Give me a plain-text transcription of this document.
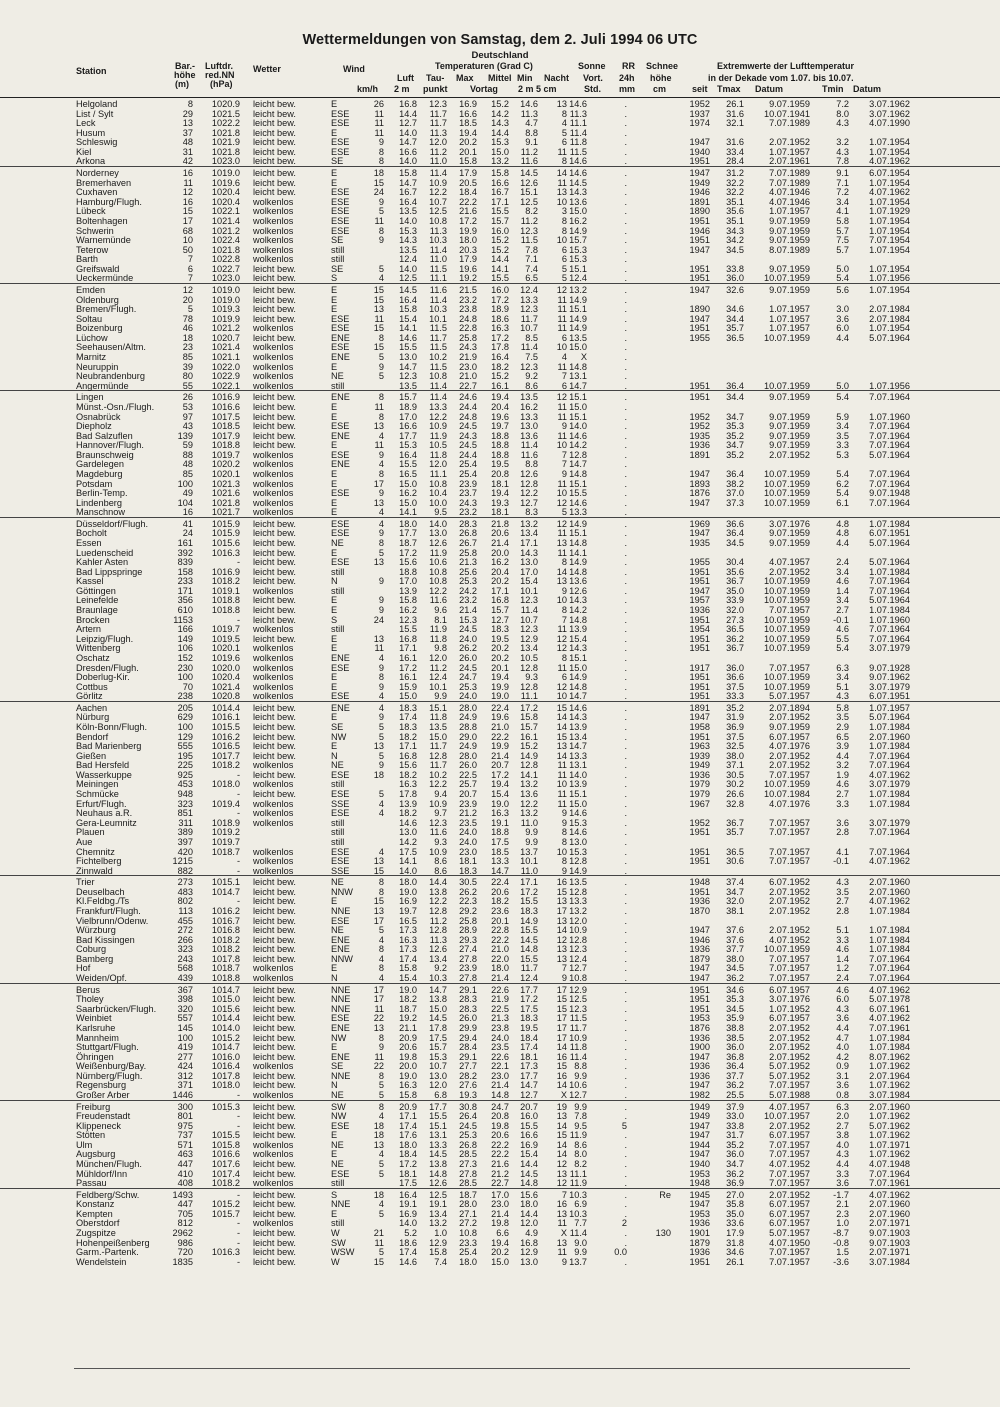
Wettermeldungen von Samstag, dem 2. Juli 1994 06 UTC
Deutschland
Station	Bar.-
höhe
(m)
Luftdr.
red.NN
(hPa)
Wetter	Wind
km/h
Temperaturen (Grad C)
Luft
2 m
Tau-
punkt
Max Mittel
Vortag
Min
2 m 5 cm
Nacht
Sonne
Vort.
Std.
RR
24h
mm
Schnee
höhe
cm
Extremwerte der Lufttemperatur
in der Dekade vom 1.07. bis 10.07.
seit Tmax Datum	Tmin Datum
Helgoland	8	1020.9 leicht bew.	E	26	16.8	12.3	16.9	15.2	14.6	13 14.6	.	1952	26.1	9.07.1959	7.2	3.07.1962
List / Sylt	29	1021.5 leicht bew.	ESE	11	14.4	11.7	16.6	14.2	11.3	8 11.3	.	1937	31.6	10.07.1941	8.0	3.07.1962
Leck	13	1022.2 leicht bew.	ESE	11	12.7	11.7	18.5	14.3	4.7	4 11.1	.	1974	32.1	7.07.1989	4.3	4.07.1990
Husum	37	1021.8 leicht bew.	E	11	14.0	11.3	19.4	14.4	8.8	5 11.4	.
Schleswig	48	1021.9 leicht bew.	ESE	9	14.7	12.0	20.2	15.3	9.1	6 11.8	.	1947	31.6	2.07.1952	3.2	1.07.1954
Kiel	31	1021.8 leicht bew.	ESE	8	16.6	11.2	20.1	15.0	11.2	11 11.5	.	1940	33.4	1.07.1957	4.3	1.07.1954
Arkona	42	1023.0 leicht bew.	SE	8	14.0	11.0	15.8	13.2	11.6	8 14.6	.	1951	28.4	2.07.1961	7.8	4.07.1962
Norderney	16	1019.0 leicht bew.	E	18	15.8	11.4	17.9	15.8	14.5	14 14.6	.	1947	31.2	7.07.1989	9.1	6.07.1954
Bremerhaven	11	1019.6 leicht bew.	E	15	14.7	10.9	20.5	16.6	12.6	11 14.5	.	1949	32.2	7.07.1989	7.1	1.07.1954
Cuxhaven	12	1020.4 leicht bew.	ESE	24	16.7	12.2	18.4	16.7	15.1	13 14.3	.	1946	32.2	4.07.1946	7.2	4.07.1962
Hamburg/Flugh.	16	1020.4 wolkenlos	ESE	9	16.4	10.7	22.2	17.1	12.5	10 13.6	.	1891	35.1	4.07.1946	3.4	1.07.1954
Lübeck	15	1022.1 wolkenlos	ESE	5	13.5	12.5	21.6	15.5	8.2	3 15.0	.	1890	35.6	1.07.1957	4.1	1.07.1929
Boltenhagen	17	1021.4 wolkenlos	ESE	11	14.0	10.8	17.2	15.7	11.2	8 16.2	.	1951	35.1	9.07.1959	5.8	1.07.1954
Schwerin	68	1021.2 wolkenlos	ESE	8	15.3	11.3	19.9	16.0	12.3	8 14.9	.	1946	34.3	9.07.1959	5.7	1.07.1954
Warnemünde	10	1022.4 wolkenlos	SE	9	14.3	10.3	18.0	15.2	11.5	10 15.7	.	1951	34.2	9.07.1959	7.5	7.07.1954
Teterow	50	1021.8 wolkenlos	still	13.5	11.4	20.3	15.2	7.8	6 15.3	.	1947	34.5	8.07.1989	5.7	1.07.1954
Barth	7	1022.8 wolkenlos	still	12.4	11.0	17.9	14.4	7.1	6 15.3	.
Greifswald	6	1022.7 leicht bew.	SE	5	14.0	11.5	19.6	14.1	7.4	5 15.1	.	1951	33.8	9.07.1959	5.0	1.07.1954
Ueckermünde	7	1023.0 leicht bew.	S	4	12.5	11.1	19.2	15.5	6.5	5 12.4	.	1951	36.0	10.07.1959	5.4	1.07.1956
Emden	12	1019.0 leicht bew.	E	15	14.5	11.6	21.5	16.0	12.4	12 13.2	.	1947	32.6	9.07.1959	5.6	1.07.1954
Oldenburg	20	1019.0 leicht bew.	E	15	16.4	11.4	23.2	17.2	13.3	11 14.9	.
Bremen/Flugh.	5	1019.3 leicht bew.	E	13	15.8	10.3	23.8	18.9	12.3	11 15.1	.	1890	34.6	1.07.1957	3.0	2.07.1984
Soltau	78	1019.9 leicht bew.	ESE	11	15.4	10.1	24.8	18.6	11.7	11 14.9	.	1947	34.4	1.07.1957	3.6	2.07.1984
Boizenburg	46	1021.2 wolkenlos	ESE	15	14.1	11.5	22.8	16.3	10.7	11 14.9	.	1951	35.7	1.07.1957	6.0	1.07.1954
Lüchow	18	1020.7 leicht bew.	ENE	8	14.6	11.7	25.8	17.2	8.5	6 13.5	.	1955	36.5	10.07.1959	4.4	5.07.1964
Seehausen/Altm.	23	1021.4 wolkenlos	ESE	15	15.5	11.5	24.3	17.8	11.4	10 15.0	.
Marnitz	85	1021.1 wolkenlos	ENE	5	13.0	10.2	21.9	16.4	7.5	4	X	.
Neuruppin	39	1022.0 wolkenlos	E	9	14.7	11.5	23.0	18.2	12.3	11 14.8	.
Neubrandenburg	80	1022.9 wolkenlos	NE	5	12.3	10.8	21.0	15.2	9.2	7 13.1	.
Angermünde	55	1022.1 wolkenlos	still	13.5	11.4	22.7	16.1	8.6	6 14.7	.	1951	36.4	10.07.1959	5.0	1.07.1956
Lingen	26	1016.9 leicht bew.	ENE	8	15.7	11.4	24.6	19.4	13.5	12 15.1	.	1951	34.4	9.07.1959	5.4	7.07.1964
Münst.-Osn./Flugh.	53	1016.6 leicht bew.	E	11	18.9	13.3	24.4	20.4	16.2	11 15.0	.
Osnabrück	97	1017.5 leicht bew.	E	8	17.0	12.2	24.8	19.6	13.3	11 15.1	.	1952	34.7	9.07.1959	5.9	1.07.1960
Diepholz	43	1018.5 leicht bew.	ESE	13	16.6	10.9	24.5	19.7	13.0	9 14.0	.	1952	35.3	9.07.1959	3.4	7.07.1964
Bad Salzuflen	139	1017.9 leicht bew.	ENE	4	17.7	11.9	24.3	18.8	13.6	11 14.6	.	1935	35.2	9.07.1959	3.5	7.07.1964
Hannover/Flugh.	59	1018.8 leicht bew.	E	11	15.3	10.5	24.5	18.8	11.4	10 14.2	.	1936	34.7	9.07.1959	3.3	7.07.1964
Braunschweig	88	1019.7 wolkenlos	ESE	9	16.4	11.8	24.4	18.8	11.6	7 12.8	.	1891	35.2	2.07.1952	5.3	5.07.1964
Gardelegen	48	1020.2 wolkenlos	ENE	4	15.5	12.0	25.4	19.5	8.8	7 14.7	.
Magdeburg	85	1020.1 wolkenlos	E	8	16.5	11.1	25.4	20.8	12.6	9 14.8	.	1947	36.4	10.07.1959	5.4	7.07.1964
Potsdam	100	1021.3 wolkenlos	E	17	15.0	10.8	23.9	18.1	12.8	11 15.1	.	1893	38.2	10.07.1959	6.2	7.07.1964
Berlin-Temp.	49	1021.6 wolkenlos	ESE	9	16.2	10.4	23.7	19.4	12.2	10 15.5	.	1876	37.0	10.07.1959	5.4	9.07.1948
Lindenberg	104	1021.8 wolkenlos	E	13	15.0	10.0	24.3	19.3	12.7	12 14.6	.	1947	37.3	10.07.1959	6.1	7.07.1964
Manschnow	16	1021.7 wolkenlos	E	4	14.1	9.5	23.2	18.1	8.3	5 13.3	.
Düsseldorf/Flugh.	41	1015.9 leicht bew.	ESE	4	18.0	14.0	28.3	21.8	13.2	12 14.9	.	1969	36.6	3.07.1976	4.8	1.07.1984
Bocholt	24	1015.9 leicht bew.	ESE	9	17.7	13.0	26.8	20.6	13.4	11 15.1	.	1947	36.4	9.07.1959	4.8	6.07.1951
Essen	161	1015.6 leicht bew.	NE	8	18.7	12.6	26.7	21.4	17.1	13 14.8	.	1935	34.5	9.07.1959	4.4	5.07.1964
Luedenscheid	392	1016.3 leicht bew.	E	5	17.2	11.9	25.8	20.0	14.3	11 14.1	.
Kahler Asten	839	- leicht bew.	ESE	13	15.6	10.6	21.3	16.2	13.0	8 14.9	.	1955	30.4	4.07.1957	2.4	5.07.1964
Bad Lippspringe	158	1016.9 leicht bew.	still	18.8	10.8	25.6	20.4	17.0	14 14.8	.	1951	35.6	2.07.1952	3.4	1.07.1984
Kassel	233	1018.2 leicht bew.	N	9	17.0	10.8	25.3	20.2	15.4	13 13.6	.	1951	36.7	10.07.1959	4.6	7.07.1964
Göttingen	171	1019.1 wolkenlos	still	13.9	12.2	24.2	17.1	10.1	9 12.6	.	1947	35.0	10.07.1959	1.4	7.07.1964
Leinefelde	356	1018.8 leicht bew.	E	9	15.8	11.6	23.2	16.8	12.3	10 14.3	.	1957	33.9	10.07.1959	3.4	5.07.1964
Braunlage	610	1018.8 leicht bew.	E	9	16.2	9.6	21.4	15.7	11.4	8 14.2	.	1936	32.0	7.07.1957	2.7	1.07.1984
Brocken	1153	- leicht bew.	S	24	12.3	8.1	15.3	12.7	10.7	7 14.8	.	1951	27.3	10.07.1959	-0.1	1.07.1960
Artern	166	1019.7 wolkenlos	still	15.5	11.9	24.5	18.3	12.3	11 13.9	.	1954	36.5	10.07.1959	4.6	7.07.1964
Leipzig/Flugh.	149	1019.5 leicht bew.	E	13	16.8	11.8	24.0	19.5	12.9	12 15.4	.	1951	36.2	10.07.1959	5.5	7.07.1964
Wittenberg	106	1020.1 wolkenlos	E	11	17.1	9.8	26.2	20.2	13.4	12 14.3	.	1951	36.7	10.07.1959	5.4	3.07.1979
Oschatz	152	1019.6 wolkenlos	ENE	4	16.1	12.0	26.0	20.2	10.5	8 15.1	.
Dresden/Flugh.	230	1020.0 wolkenlos	ESE	9	17.2	11.2	24.5	20.1	12.8	11 15.0	.	1917	36.0	7.07.1957	6.3	9.07.1928
Doberlug-Kir.	100	1020.4 wolkenlos	E	8	16.1	12.4	24.7	19.4	9.3	6 14.9	.	1951	36.6	10.07.1959	3.4	9.07.1962
Cottbus	70	1021.4 wolkenlos	E	9	15.9	10.1	25.3	19.9	12.8	12 14.8	.	1951	37.5	10.07.1959	5.1	3.07.1979
Görlitz	238	1020.8 wolkenlos	ESE	4	15.0	9.9	24.0	19.0	11.1	10 14.7	.	1951	33.3	5.07.1957	4.3	6.07.1951
Aachen	205	1014.4 leicht bew.	ENE	4	18.3	15.1	28.0	22.4	17.2	15 14.6	.	1891	35.2	2.07.1894	5.8	1.07.1957
Nürburg	629	1016.1 leicht bew.	E	9	17.4	11.8	24.9	19.6	15.8	14 14.3	.	1947	31.9	2.07.1952	3.5	5.07.1964
Köln-Bonn/Flugh.	100	1015.5 leicht bew.	SE	5	18.3	13.5	28.8	21.0	15.7	14 13.9	.	1958	36.9	9.07.1959	2.9	1.07.1984
Bendorf	129	1016.2 leicht bew.	NW	5	18.2	15.0	29.0	22.2	16.1	15 13.4	.	1951	37.5	6.07.1957	6.5	2.07.1960
Bad Marienberg	555	1016.5 leicht bew.	E	13	17.1	11.7	24.9	19.9	15.2	13 14.7	.	1963	32.5	4.07.1976	3.9	1.07.1984
Gießen	195	1017.7 leicht bew.	N	5	16.8	12.8	28.0	21.4	14.9	14 13.3	.	1939	38.0	2.07.1952	4.4	7.07.1964
Bad Hersfeld	225	1018.2 wolkenlos	NE	9	15.6	11.7	26.0	20.7	12.8	11 13.1	.	1949	37.1	2.07.1952	3.2	7.07.1964
Wasserkuppe	925	- leicht bew.	ESE	18	18.2	10.2	22.5	17.2	14.1	11 14.0	.	1936	30.5	7.07.1957	1.9	4.07.1962
Meiningen	453	1018.0 wolkenlos	still	16.3	12.2	25.7	19.4	13.2	10 13.9	.	1979	30.2	10.07.1959	4.6	3.07.1979
Schmücke	948	- leicht bew.	ESE	5	17.8	9.4	20.7	15.4	13.6	11 15.1	.	1979	26.6	10.07.1984	2.7	1.07.1984
Erfurt/Flugh.	323	1019.4 wolkenlos	SSE	4	13.9	10.9	23.9	19.0	12.2	11 15.0	.	1967	32.8	4.07.1976	3.3	1.07.1984
Neuhaus a.R.	851	- wolkenlos	ESE	4	18.2	9.7	21.2	16.3	13.2	9 14.6	.
Gera-Leumnitz	311	1018.9 wolkenlos	still	14.6	12.3	23.5	19.1	11.0	9 15.3	.	1952	36.7	7.07.1957	3.6	3.07.1979
Plauen	389	1019.2	still	13.0	11.6	24.0	18.8	9.9	8 14.6	.	1951	35.7	7.07.1957	2.8	7.07.1964
Aue	397	1019.7	still	14.2	9.3	24.0	17.5	9.9	8 13.0	.
Chemnitz	420	1018.7 wolkenlos	ESE	4	17.5	10.9	23.0	18.5	13.7	10 15.3	.	1951	36.5	7.07.1957	4.1	7.07.1964
Fichtelberg	1215	- wolkenlos	ESE	13	14.1	8.6	18.1	13.3	10.1	8 12.8	.	1951	30.6	7.07.1957	-0.1	4.07.1962
Zinnwald	882	- wolkenlos	SSE	15	14.0	8.6	18.3	14.7	11.0	9 14.9	.
Trier	273	1015.1 leicht bew.	NE	8	18.0	14.4	30.5	22.4	17.1	16 13.5	.	1948	37.4	6.07.1952	4.3	2.07.1960
Deuselbach	483	1014.7 leicht bew.	NNW	8	19.0	13.8	26.2	20.6	17.2	15 12.8	.	1951	34.7	2.07.1952	3.5	2.07.1960
Kl.Feldbg./Ts	802	- leicht bew.	E	15	16.9	12.2	22.3	18.2	15.5	13 13.3	.	1936	32.0	2.07.1952	2.7	4.07.1962
Frankfurt/Flugh.	113	1016.2 leicht bew.	NNE	13	19.7	12.8	29.2	23.6	18.3	17 13.2	.	1870	38.1	2.07.1952	2.8	1.07.1984
Vielbrunn/Odenw.	455	1016.7 leicht bew.	ESE	17	16.5	11.2	25.8	20.1	14.9	13 12.0	.
Würzburg	272	1016.8 leicht bew.	NE	5	17.3	12.8	28.9	22.8	15.5	14 10.9	.	1947	37.6	2.07.1952	5.1	1.07.1984
Bad Kissingen	266	1018.2 leicht bew.	ENE	4	16.3	11.3	29.3	22.2	14.5	12 12.8	.	1946	37.6	4.07.1952	3.3	1.07.1984
Coburg	323	1018.2 leicht bew.	ENE	8	17.3	12.6	27.4	21.0	14.8	13 12.3	.	1936	37.7	10.07.1959	4.6	1.07.1984
Bamberg	243	1017.8 leicht bew.	NNW	4	17.4	13.4	27.8	22.0	15.5	13 12.4	.	1879	38.0	7.07.1957	1.4	7.07.1964
Hof	568	1018.7 wolkenlos	E	8	15.8	9.2	23.9	18.0	11.7	7 12.7	.	1947	34.5	7.07.1957	1.2	7.07.1964
Weiden/Opf.	439	1018.8 wolkenlos	N	4	15.4	10.3	27.8	21.4	12.4	9 10.8	.	1947	36.2	7.07.1957	2.4	7.07.1964
Berus	367	1014.7 leicht bew.	NNE	17	19.0	14.7	29.1	22.6	17.7	17 12.9	.	1951	34.6	6.07.1957	4.6	4.07.1962
Tholey	398	1015.0 leicht bew.	NNE	17	18.2	13.8	28.3	21.9	17.2	15 12.5	.	1951	35.3	3.07.1976	6.0	5.07.1978
Saarbrücken/Flugh.	320	1015.6 leicht bew.	NNE	11	18.7	15.0	28.3	22.5	17.5	15 12.3	.	1951	34.5	1.07.1952	4.3	6.07.1961
Weinbiet	557	1014.4 leicht bew.	ESE	22	19.2	14.5	26.0	21.3	18.3	17 11.5	.	1953	35.9	6.07.1957	3.6	4.07.1962
Karlsruhe	145	1014.0 leicht bew.	ENE	13	21.1	17.8	29.9	23.8	19.5	17 11.7	.	1876	38.8	2.07.1952	4.4	7.07.1961
Mannheim	100	1015.2 leicht bew.	NW	8	20.9	17.5	29.4	24.0	18.4	17 10.9	.	1936	38.5	2.07.1952	4.7	1.07.1984
Stuttgart/Flugh.	419	1014.7 leicht bew.	E	9	20.6	15.7	28.4	23.5	17.4	14 11.8	.	1900	36.0	2.07.1952	4.0	1.07.1984
Öhringen	277	1016.0 leicht bew.	ENE	11	19.8	15.3	29.1	22.6	18.1	16 11.4	.	1947	36.8	2.07.1952	4.2	8.07.1962
Weißenburg/Bay.	424	1016.4 wolkenlos	SE	22	20.0	10.7	27.7	22.1	17.3	15 8.8	.	1936	36.4	5.07.1952	0.9	1.07.1962
Nürnberg/Flugh.	312	1017.8 leicht bew.	NNE	8	19.0	13.0	28.2	23.0	17.7	16 9.9	.	1936	37.7	5.07.1952	3.1	2.07.1964
Regensburg	371	1018.0 leicht bew.	N	5	16.3	12.0	27.6	21.4	14.7	14 10.6	.	1947	36.2	7.07.1957	3.6	1.07.1962
Großer Arber	1446	- wolkenlos	NE	5	15.8	6.8	19.3	14.8	12.7	X 12.7	.	1982	25.5	5.07.1988	0.8	3.07.1984
Freiburg	300	1015.3 leicht bew.	SW	8	20.9	17.7	30.8	24.7	20.7	19 9.9	.	1949	37.9	4.07.1957	6.3	2.07.1960
Freudenstadt	801	- leicht bew.	NW	4	17.1	15.5	26.4	20.8	16.0	13 7.8	.	1949	33.0	10.07.1957	2.0	1.07.1962
Klippeneck	975	- leicht bew.	ESE	18	17.4	15.1	24.5	19.8	15.5	14 9.5	5	1947	33.8	2.07.1952	2.7	5.07.1962
Stötten	737	1015.5 leicht bew.	E	18	17.6	13.1	25.3	20.6	16.6	15 11.9	.	1947	31.7	6.07.1957	3.8	1.07.1962
Ulm	571	1015.8 wolkenlos	NE	13	18.0	13.3	26.8	22.2	16.9	14 8.6	.	1944	35.2	7.07.1957	4.0	1.07.1971
Augsburg	463	1016.6 wolkenlos	E	4	18.4	14.5	28.5	22.2	15.4	14 8.0	.	1947	36.0	7.07.1957	4.3	1.07.1962
München/Flugh.	447	1017.6 leicht bew.	NE	5	17.2	13.8	27.3	21.6	14.4	12 8.2	.	1940	34.7	4.07.1952	4.4	4.07.1948
Mühldorf/Inn	410	1017.4 leicht bew.	ESE	5	18.1	14.8	27.8	21.2	14.5	13 11.1	.	1953	36.2	7.07.1957	3.3	7.07.1964
Passau	408	1018.2 wolkenlos	still	17.5	12.6	28.5	22.7	14.8	12 11.9	.	1948	36.9	7.07.1957	3.6	7.07.1961
Feldberg/Schw.	1493	- leicht bew.	S	18	16.4	12.5	18.7	17.0	15.6	7 10.3	.	Re	1945	27.0	2.07.1952	-1.7	4.07.1962
Konstanz	447	1015.2 leicht bew.	NNE	4	19.1	19.1	28.0	23.0	18.0	16 6.9	.	1947	35.8	6.07.1957	2.1	2.07.1960
Kempten	705	1015.7 leicht bew.	E	5	16.9	13.4	27.1	21.4	14.4	13 10.3	.	1953	35.0	6.07.1957	2.3	2.07.1960
Oberstdorf	812	- wolkenlos	still	14.0	13.2	27.2	19.8	12.0	11 7.7	2	1936	33.6	6.07.1957	1.0	2.07.1971
Zugspitze	2962	- leicht bew.	W	21	5.2	1.0	10.8	6.6	4.9	X 11.4	.	130	1901	17.9	5.07.1957	-8.7	9.07.1903
Hohenpeißenberg	986	- leicht bew.	SW	11	18.6	12.9	23.3	19.4	16.8	13 9.0	.	1879	31.8	4.07.1950	-0.8	9.07.1903
Garm.-Partenk.	720	1016.3 leicht bew.	WSW	5	17.4	15.8	25.4	20.2	12.9	11 9.9	0.0	1936	34.6	7.07.1957	1.5	2.07.1971
Wendelstein	1835	- leicht bew.	W	15	14.6	7.4	18.0	15.0	13.0	9 13.7	.	1951	26.1	7.07.1957	-3.6	3.07.1984
